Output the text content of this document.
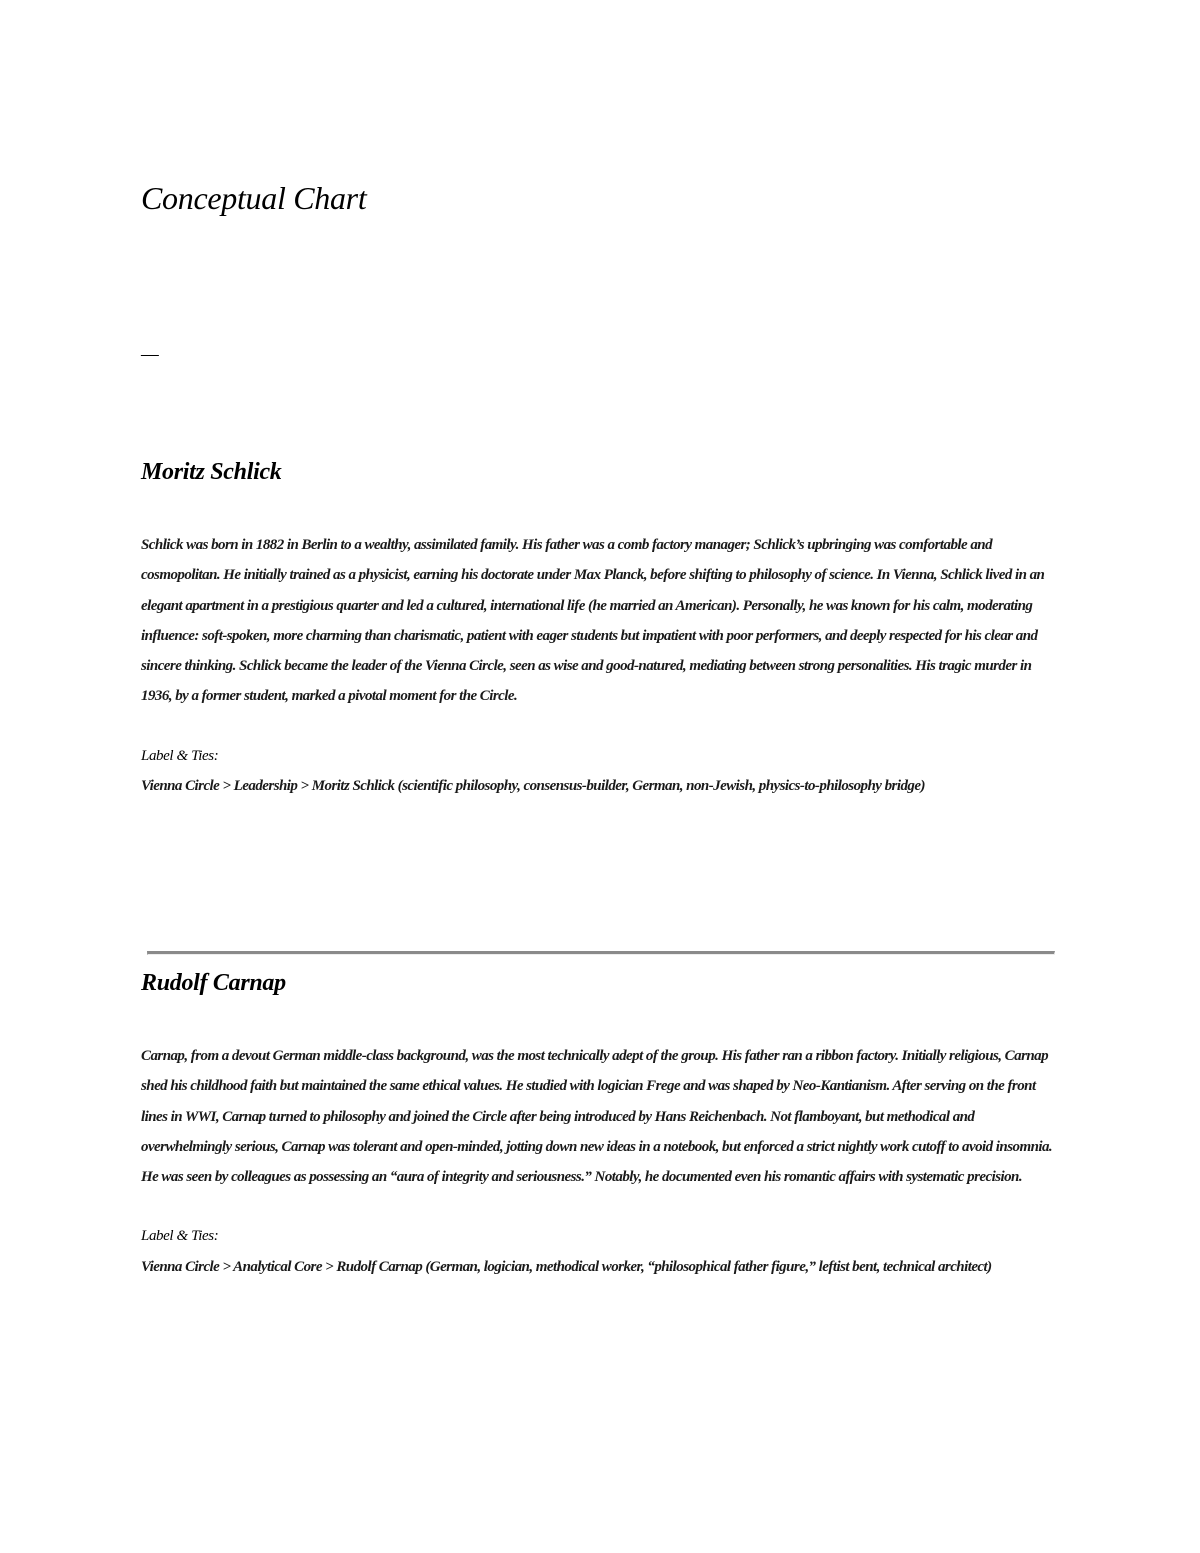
Conceptual Chart
—
Moritz Schlick

Schlick was born in 1882 in Berlin to a wealthy, assimilated family. His father was a comb factory manager; Schlick’s upbringing was comfortable and cosmopolitan. He initially trained as a physicist, earning his doctorate under Max Planck, before shifting to philosophy of science. In Vienna, Schlick lived in an elegant apartment in a prestigious quarter and led a cultured, international life (he married an American). Personally, he was known for his calm, moderating influence: soft-spoken, more charming than charismatic, patient with eager students but impatient with poor performers, and deeply respected for his clear and sincere thinking. Schlick became the leader of the Vienna Circle, seen as wise and good-natured, mediating between strong personalities. His tragic murder in 1936, by a former student, marked a pivotal moment for the Circle.

Label & Ties:

Vienna Circle > Leadership > Moritz Schlick (scientific philosophy, consensus-builder, German, non-Jewish, physics-to-philosophy bridge)

Rudolf Carnap

Carnap, from a devout German middle-class background, was the most technically adept of the group. His father ran a ribbon factory. Initially religious, Carnap shed his childhood faith but maintained the same ethical values. He studied with logician Frege and was shaped by Neo-Kantianism. After serving on the front lines in WWI, Carnap turned to philosophy and joined the Circle after being introduced by Hans Reichenbach. Not flamboyant, but methodical and overwhelmingly serious, Carnap was tolerant and open-minded, jotting down new ideas in a notebook, but enforced a strict nightly work cutoff to avoid insomnia. He was seen by colleagues as possessing an “aura of integrity and seriousness.” Notably, he documented even his romantic affairs with systematic precision.

Label & Ties:

Vienna Circle > Analytical Core > Rudolf Carnap (German, logician, methodical worker, “philosophical father figure,” leftist bent, technical architect)
